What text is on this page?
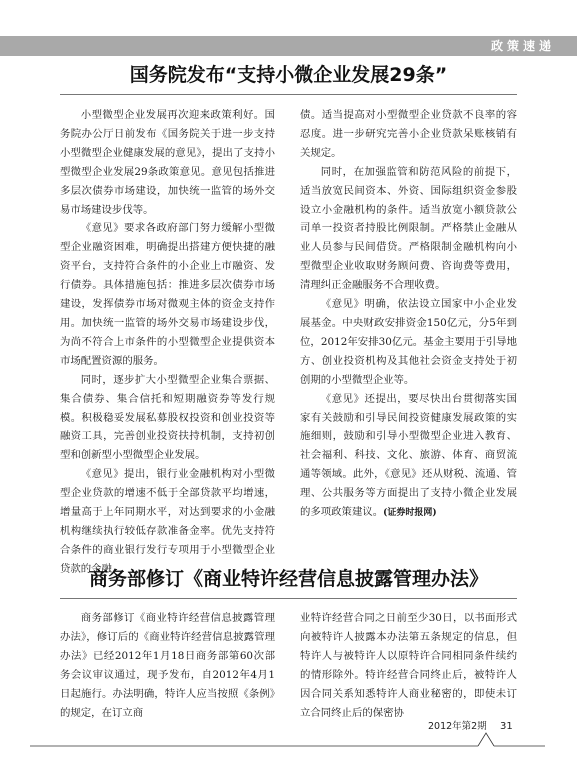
政策速递
国务院发布“支持小微企业发展29条”

小型微型企业发展再次迎来政策利好。国务院办公厅日前发布《国务院关于进一步支持小型微型企业健康发展的意见》，提出了支持小型微型企业发展29条政策意见。意见包括推进多层次债券市场建设，加快统一监管的场外交易市场建设步伐等。

《意见》要求各政府部门努力缓解小型微型企业融资困难，明确提出搭建方便快捷的融资平台，支持符合条件的小企业上市融资、发行债券。具体措施包括：推进多层次债券市场建设，发挥债券市场对微观主体的资金支持作用。加快统一监管的场外交易市场建设步伐，为尚不符合上市条件的小型微型企业提供资本市场配置资源的服务。

同时，逐步扩大小型微型企业集合票据、集合债券、集合信托和短期融资券等发行规模。积极稳妥发展私募股权投资和创业投资等融资工具，完善创业投资扶持机制，支持初创型和创新型小型微型企业发展。

《意见》提出，银行业金融机构对小型微型企业贷款的增速不低于全部贷款平均增速，增量高于上年同期水平，对达到要求的小金融机构继续执行较低存款准备金率。优先支持符合条件的商业银行发行专项用于小型微型企业贷款的金融

债。适当提高对小型微型企业贷款不良率的容忍度。进一步研究完善小企业贷款呆账核销有关规定。

同时，在加强监管和防范风险的前提下，适当放宽民间资本、外资、国际组织资金参股设立小金融机构的条件。适当放宽小额贷款公司单一投资者持股比例限制。严格禁止金融从业人员参与民间借贷。严格限制金融机构向小型微型企业收取财务顾问费、咨询费等费用，清理纠正金融服务不合理收费。

《意见》明确，依法设立国家中小企业发展基金。中央财政安排资金150亿元，分5年到位，2012年安排30亿元。基金主要用于引导地方、创业投资机构及其他社会资金支持处于初创期的小型微型企业等。

《意见》还提出，要尽快出台贯彻落实国家有关鼓励和引导民间投资健康发展政策的实施细则，鼓励和引导小型微型企业进入教育、社会福利、科技、文化、旅游、体育、商贸流通等领域。此外，《意见》还从财税、流通、管理、公共服务等方面提出了支持小微企业发展的多项政策建议。(证券时报网)

商务部修订《商业特许经营信息披露管理办法》

商务部修订《商业特许经营信息披露管理办法》，修订后的《商业特许经营信息披露管理办法》已经2012年1月18日商务部第60次部务会议审议通过，现予发布，自2012年4月1日起施行。办法明确，特许人应当按照《条例》的规定，在订立商

业特许经营合同之日前至少30日，以书面形式向被特许人披露本办法第五条规定的信息，但特许人与被特许人以原特许合同相同条件续约的情形除外。特许经营合同终止后，被特许人因合同关系知悉特许人商业秘密的，即使未订立合同终止后的保密协

2012年第2期 31
